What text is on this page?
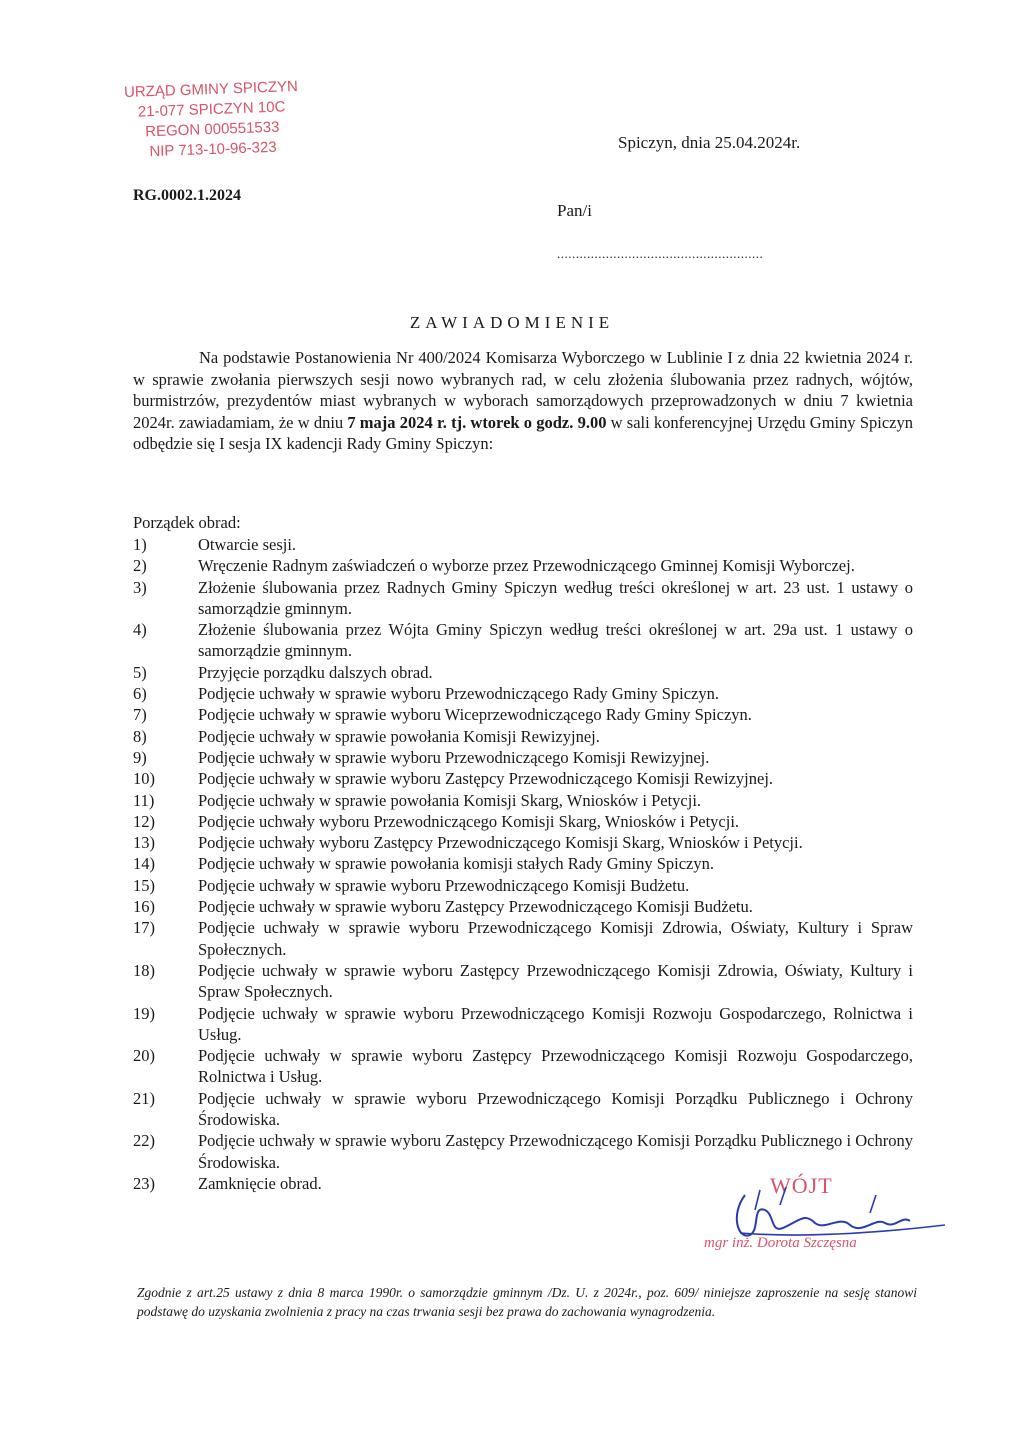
URZĄD GMINY SPICZYN
21-077 SPICZYN 10C
REGON 000551533
NIP 713-10-96-323	Spiczyn, dnia 25.04.2024r.
RG.0002.1.2024
Pan/i
.......................................................
ZAWIADOMIENIE
Na podstawie Postanowienia Nr 400/2024 Komisarza Wyborczego w Lublinie I z dnia 22 kwietnia 2024 r. w sprawie zwołania pierwszych sesji nowo wybranych rad, w celu złożenia ślubowania przez radnych, wójtów, burmistrzów, prezydentów miast wybranych w wyborach samorządowych przeprowadzonych w dniu 7 kwietnia 2024r. zawiadamiam, że w dniu 7 maja 2024 r. tj. wtorek o godz. 9.00 w sali konferencyjnej Urzędu Gminy Spiczyn odbędzie się I sesja IX kadencji Rady Gminy Spiczyn:
Porządek obrad:
1)	Otwarcie sesji.
2)	Wręczenie Radnym zaświadczeń o wyborze przez Przewodniczącego Gminnej Komisji Wyborczej.
3)	Złożenie ślubowania przez Radnych Gminy Spiczyn według treści określonej w art. 23 ust. 1 ustawy o samorządzie gminnym.
4)	Złożenie ślubowania przez Wójta Gminy Spiczyn według treści określonej w art. 29a ust. 1 ustawy o samorządzie gminnym.
5)	Przyjęcie porządku dalszych obrad.
6)	Podjęcie uchwały w sprawie wyboru Przewodniczącego Rady Gminy Spiczyn.
7)	Podjęcie uchwały w sprawie wyboru Wiceprzewodniczącego Rady Gminy Spiczyn.
8)	Podjęcie uchwały w sprawie powołania Komisji Rewizyjnej.
9)	Podjęcie uchwały w sprawie wyboru Przewodniczącego Komisji Rewizyjnej.
10)	Podjęcie uchwały w sprawie wyboru Zastępcy Przewodniczącego Komisji Rewizyjnej.
11)	Podjęcie uchwały w sprawie powołania Komisji Skarg, Wniosków i Petycji.
12)	Podjęcie uchwały wyboru Przewodniczącego Komisji Skarg, Wniosków i Petycji.
13)	Podjęcie uchwały wyboru Zastępcy Przewodniczącego Komisji Skarg, Wniosków i Petycji.
14)	Podjęcie uchwały w sprawie powołania komisji stałych Rady Gminy Spiczyn.
15)	Podjęcie uchwały w sprawie wyboru Przewodniczącego Komisji Budżetu.
16)	Podjęcie uchwały w sprawie wyboru Zastępcy Przewodniczącego Komisji Budżetu.
17)	Podjęcie uchwały w sprawie wyboru Przewodniczącego Komisji Zdrowia, Oświaty, Kultury i Spraw Społecznych.
18)	Podjęcie uchwały w sprawie wyboru Zastępcy Przewodniczącego Komisji Zdrowia, Oświaty, Kultury i Spraw Społecznych.
19)	Podjęcie uchwały w sprawie wyboru Przewodniczącego Komisji Rozwoju Gospodarczego, Rolnictwa i Usług.
20)	Podjęcie uchwały w sprawie wyboru Zastępcy Przewodniczącego Komisji Rozwoju Gospodarczego, Rolnictwa i Usług.
21)	Podjęcie uchwały w sprawie wyboru Przewodniczącego Komisji Porządku Publicznego i Ochrony Środowiska.
22)	Podjęcie uchwały w sprawie wyboru Zastępcy Przewodniczącego Komisji Porządku Publicznego i Ochrony Środowiska.
23)	Zamknięcie obrad.	WÓJT
mgr inż. Dorota Szczęsna
Zgodnie z art.25 ustawy z dnia 8 marca 1990r. o samorządzie gminnym /Dz. U. z 2024r., poz. 609/ niniejsze zaproszenie na sesję stanowi podstawę do uzyskania zwolnienia z pracy na czas trwania sesji bez prawa do zachowania wynagrodzenia.
